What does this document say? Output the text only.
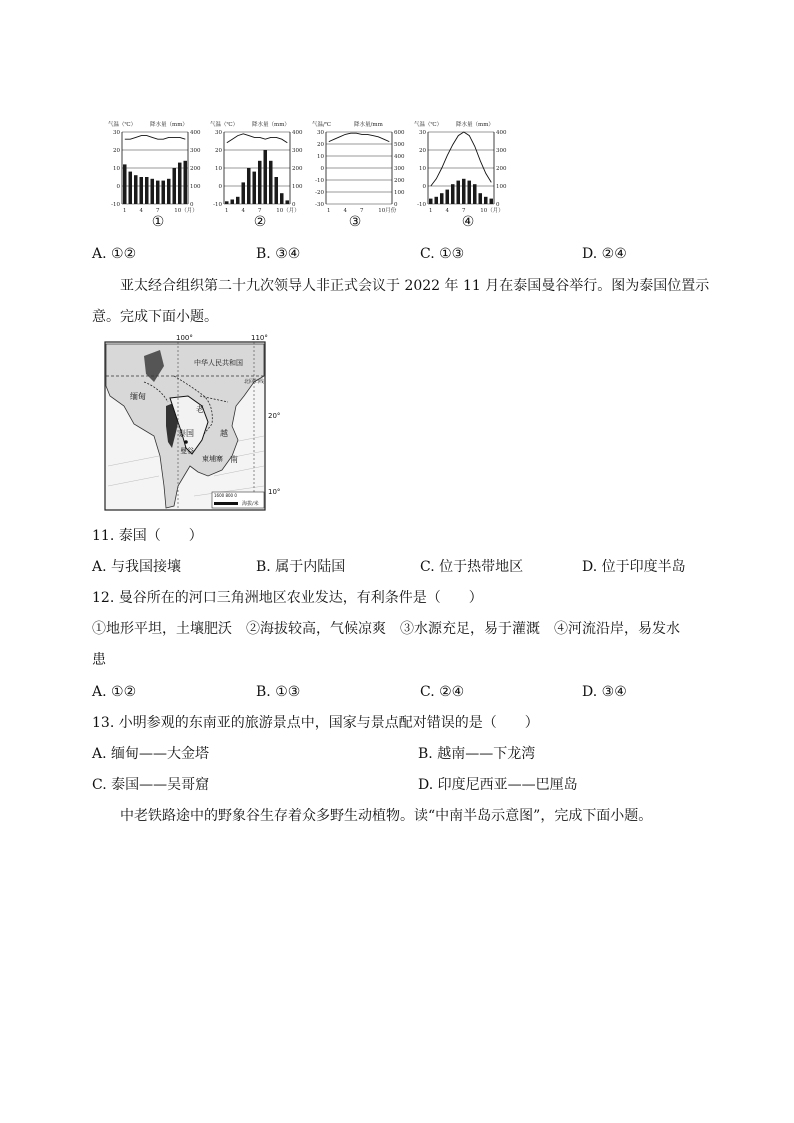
气温（℃）	降水量（mm）
30
20
10
0
-10
400
300
200
100
0
1 4 7	10（月）
①
气温（℃）	降水量（mm）
30
20
10
0
-10
400
300
200
100
0
1 4 7	10（月）
②
气温/℃	降水量/mm
30
20
10
0
-10
-20
-30
600
500
400
300
200
100
0
1 4 7	10月份
③
气温（℃）	降水量（mm）
30
20
10
0
-10
400
300
200
100
0
1 4 7	10（月）
④
A. ①②	B. ③④	C. ①③	D. ②④
亚太经合组织第二十九次领导人非正式会议于 2022 年 11 月在泰国曼谷举行。图为泰国位置示
意。完成下面小题。
100°	110°
20°
10°
中华人民共和国
北回归线
缅甸
老
泰国
曼谷
柬埔寨
越
南
1600 800 0
海拔/米
11. 泰国（　　）
A. 与我国接壤	B. 属于内陆国	C. 位于热带地区	D. 位于印度半岛
12. 曼谷所在的河口三角洲地区农业发达，有利条件是（　　）
①地形平坦，土壤肥沃　②海拔较高，气候凉爽　③水源充足，易于灌溉　④河流沿岸，易发水
患
A. ①②	B. ①③	C. ②④	D. ③④
13. 小明参观的东南亚的旅游景点中，国家与景点配对错误的是（　　）
A. 缅甸——大金塔	B. 越南——下龙湾
C. 泰国——吴哥窟	D. 印度尼西亚——巴厘岛
中老铁路途中的野象谷生存着众多野生动植物。读“中南半岛示意图”，完成下面小题。
